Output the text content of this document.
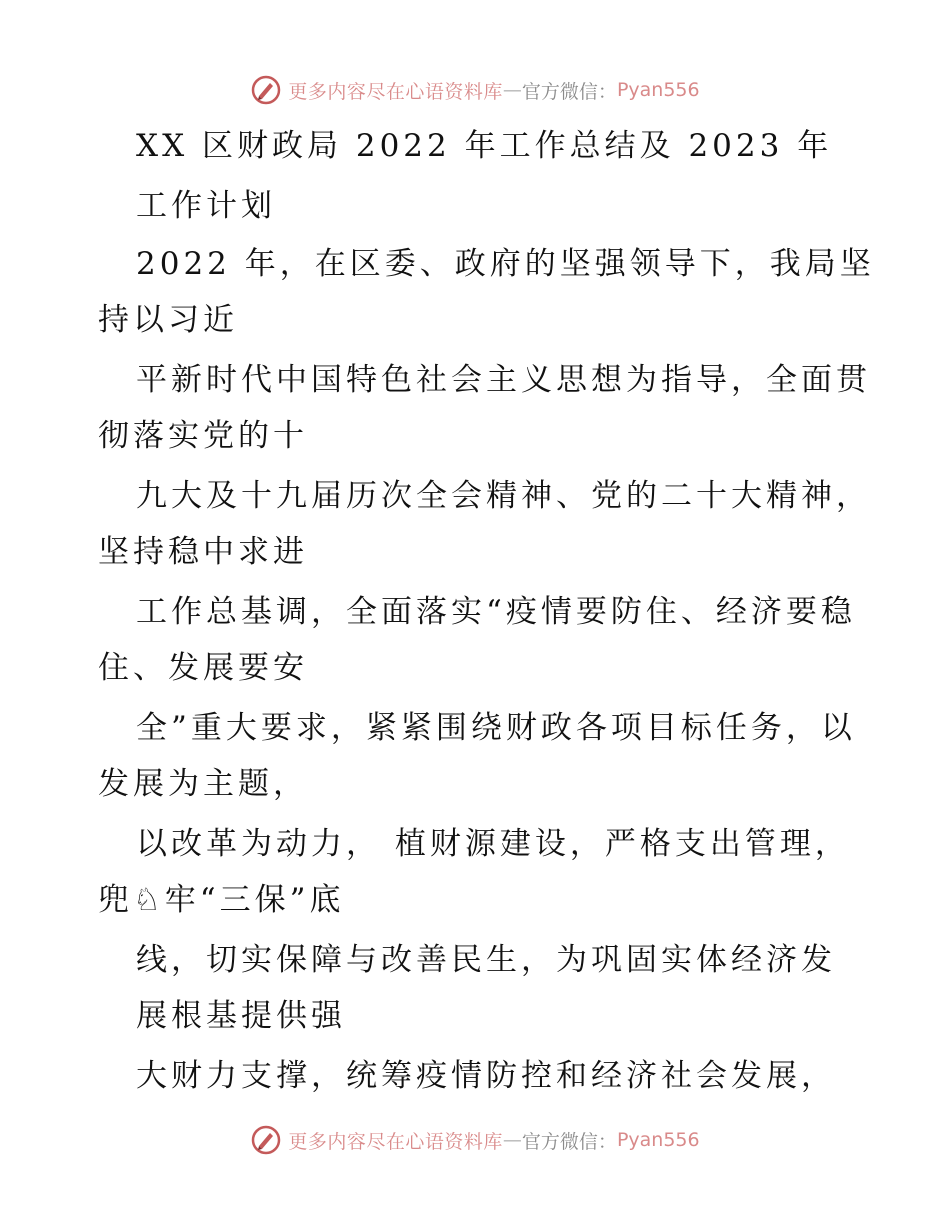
更多内容尽在心语资料库 — 官方微信： Pyan556
XX 区财政局 2022 年工作总结及 2023 年
工作计划
2022 年，在区委、政府的坚强领导下，我局坚
持以习近
平新时代中国特色社会主义思想为指导，全面贯
彻落实党的十
九大及十九届历次全会精神、党的二十大精神，
坚持稳中求进
工作总基调，全面落实“疫情要防住、经济要稳
住、发展要安
全”重大要求，紧紧围绕财政各项目标任务，以
发展为主题，
以改革为动力， 植财源建设，严格支出管理，
兜♘牢“三保”底
线，切实保障与改善民生，为巩固实体经济发
展根基提供强
大财力支撑，统筹疫情防控和经济社会发展，
更多内容尽在心语资料库 — 官方微信： Pyan556
